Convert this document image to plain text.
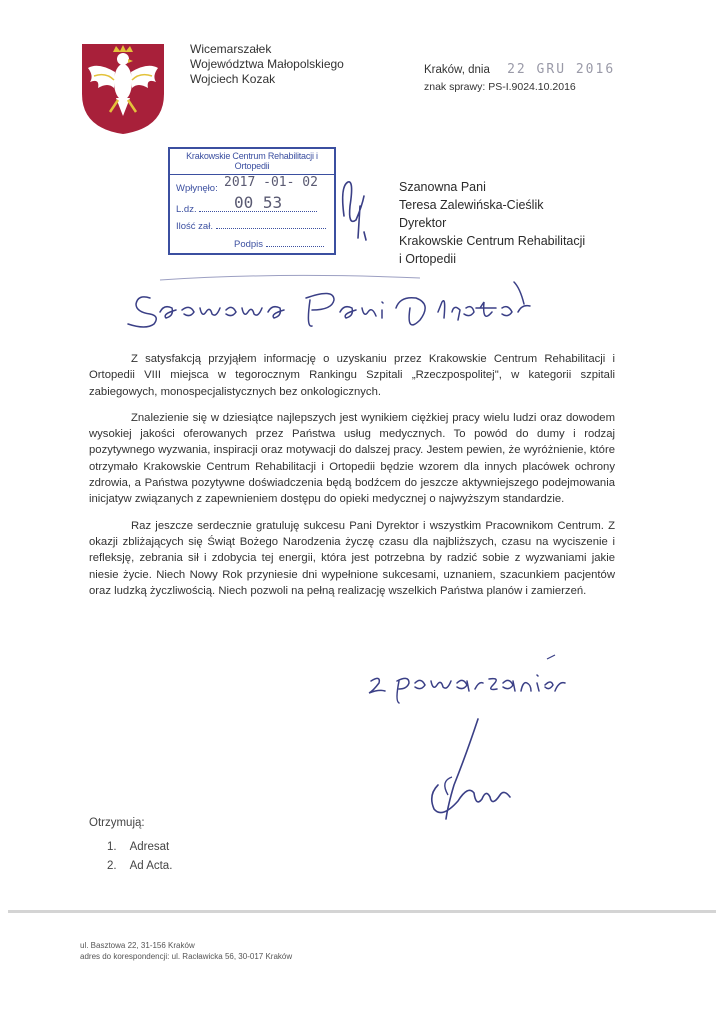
Wicemarszałek
Województwa Małopolskiego
Wojciech Kozak
Kraków, dnia 22 GRU 2016
znak sprawy: PS-I.9024.10.2016
Krakowskie Centrum Rehabilitacji i Ortopedii
Wpłynęło: 2017 -01- 02
L.dz.	00 53
Ilość zał.
Podpis
Szanowna Pani
Teresa Zalewińska-Cieślik
Dyrektor
Krakowskie Centrum Rehabilitacji
i Ortopedii

Z satysfakcją przyjąłem informację o uzyskaniu przez Krakowskie Centrum Rehabilitacji i Ortopedii VIII miejsca w tegorocznym Rankingu Szpitali „Rzeczpospolitej", w kategorii szpitali zabiegowych, monospecjalistycznych bez onkologicznych.

Znalezienie się w dziesiątce najlepszych jest wynikiem ciężkiej pracy wielu ludzi oraz dowodem wysokiej jakości oferowanych przez Państwa usług medycznych. To powód do dumy i rodzaj pozytywnego wyzwania, inspiracji oraz motywacji do dalszej pracy. Jestem pewien, że wyróżnienie, które otrzymało Krakowskie Centrum Rehabilitacji i Ortopedii będzie wzorem dla innych placówek ochrony zdrowia, a Państwa pozytywne doświadczenia będą bodźcem do jeszcze aktywniejszego podejmowania inicjatyw związanych z zapewnieniem dostępu do opieki medycznej o najwyższym standardzie.

Raz jeszcze serdecznie gratuluję sukcesu Pani Dyrektor i wszystkim Pracownikom Centrum. Z okazji zbliżających się Świąt Bożego Narodzenia życzę czasu dla najbliższych, czasu na wyciszenie i refleksję, zebrania sił i zdobycia tej energii, która jest potrzebna by radzić sobie z wyzwaniami jakie niesie życie. Niech Nowy Rok przyniesie dni wypełnione sukcesami, uznaniem, szacunkiem pacjentów oraz ludzką życzliwością. Niech pozwoli na pełną realizację wszelkich Państwa planów i zamierzeń.

Otrzymują:
1. Adresat
2. Ad Acta.
ul. Basztowa 22, 31-156 Kraków
adres do korespondencji: ul. Racławicka 56, 30-017 Kraków
